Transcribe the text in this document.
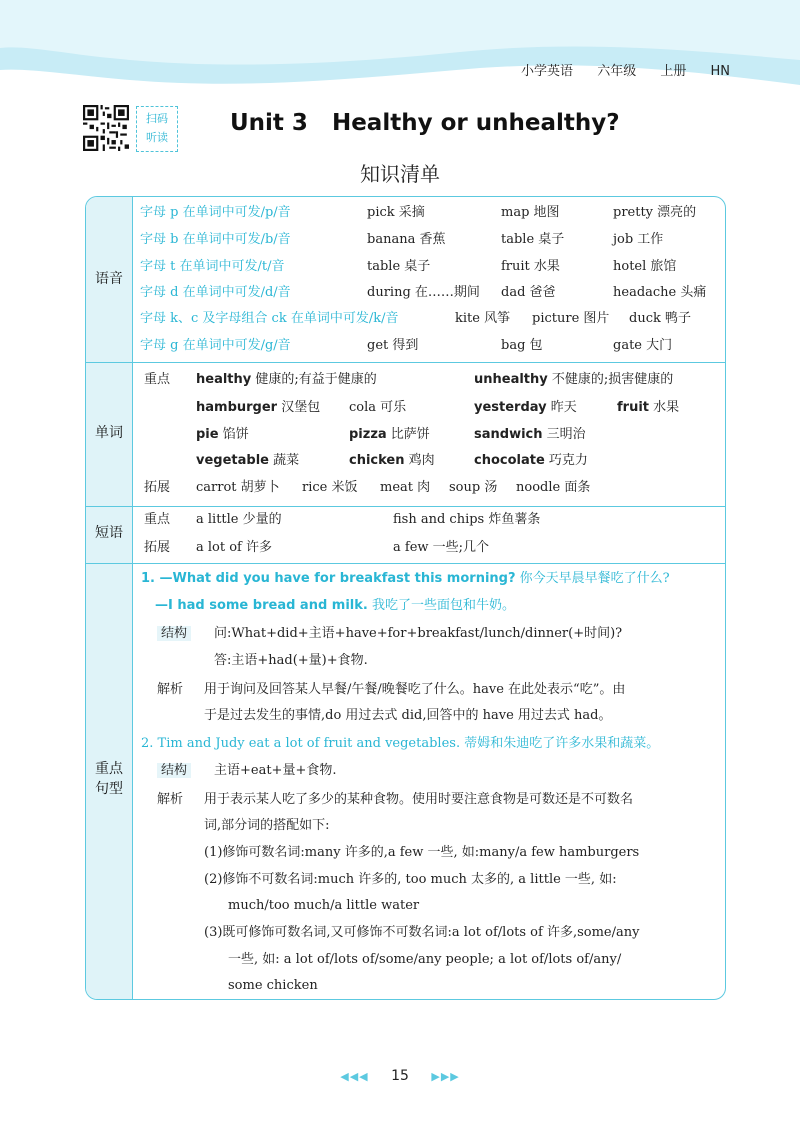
小学英语 六年级 上册 HN
扫码
听读
Unit 3   Healthy or unhealthy?
知识清单
语音
字母 p 在单词中可发/p/音	pick 采摘	map 地图	pretty 漂亮的
字母 b 在单词中可发/b/音	banana 香蕉	table 桌子	job 工作
字母 t 在单词中可发/t/音	table 桌子	fruit 水果	hotel 旅馆
字母 d 在单词中可发/d/音	during 在……期间 dad 爸爸	headache 头痛
字母 k、c 及字母组合 ck 在单词中可发/k/音	kite 风筝 picture 图片 duck 鸭子
字母 g 在单词中可发/g/音	get 得到	bag 包	gate 大门
单词
重点 healthy 健康的;有益于健康的	unhealthy 不健康的;损害健康的
hamburger 汉堡包 cola 可乐	yesterday 昨天	fruit 水果
pie 馅饼	pizza 比萨饼	sandwich 三明治
vegetable 蔬菜	chicken 鸡肉	chocolate 巧克力
拓展 carrot 胡萝卜 rice 米饭 meat 肉 soup 汤 noodle 面条
短语
重点 a little 少量的	fish and chips 炸鱼薯条
拓展 a lot of 许多	a few 一些;几个
重点
句型
1. —What did you have for breakfast this morning? 你今天早晨早餐吃了什么?
—I had some bread and milk. 我吃了一些面包和牛奶。
结构	问:What+did+主语+have+for+breakfast/lunch/dinner(+时间)?
答:主语+had(+量)+食物.
解析 用于询问及回答某人早餐/午餐/晚餐吃了什么。have 在此处表示“吃”。由
于是过去发生的事情,do 用过去式 did,回答中的 have 用过去式 had。
2. Tim and Judy eat a lot of fruit and vegetables. 蒂姆和朱迪吃了许多水果和蔬菜。
结构	主语+eat+量+食物.
解析 用于表示某人吃了多少的某种食物。使用时要注意食物是可数还是不可数名
词,部分词的搭配如下:
(1)修饰可数名词:many 许多的,a few 一些, 如:many/a few hamburgers
(2)修饰不可数名词:much 许多的, too much 太多的, a little 一些, 如:
much/too much/a little water
(3)既可修饰可数名词,又可修饰不可数名词:a lot of/lots of 许多,some/any
一些, 如: a lot of/lots of/some/any people; a lot of/lots of/any/
some chicken
◀◀◀ 15 ▶▶▶
